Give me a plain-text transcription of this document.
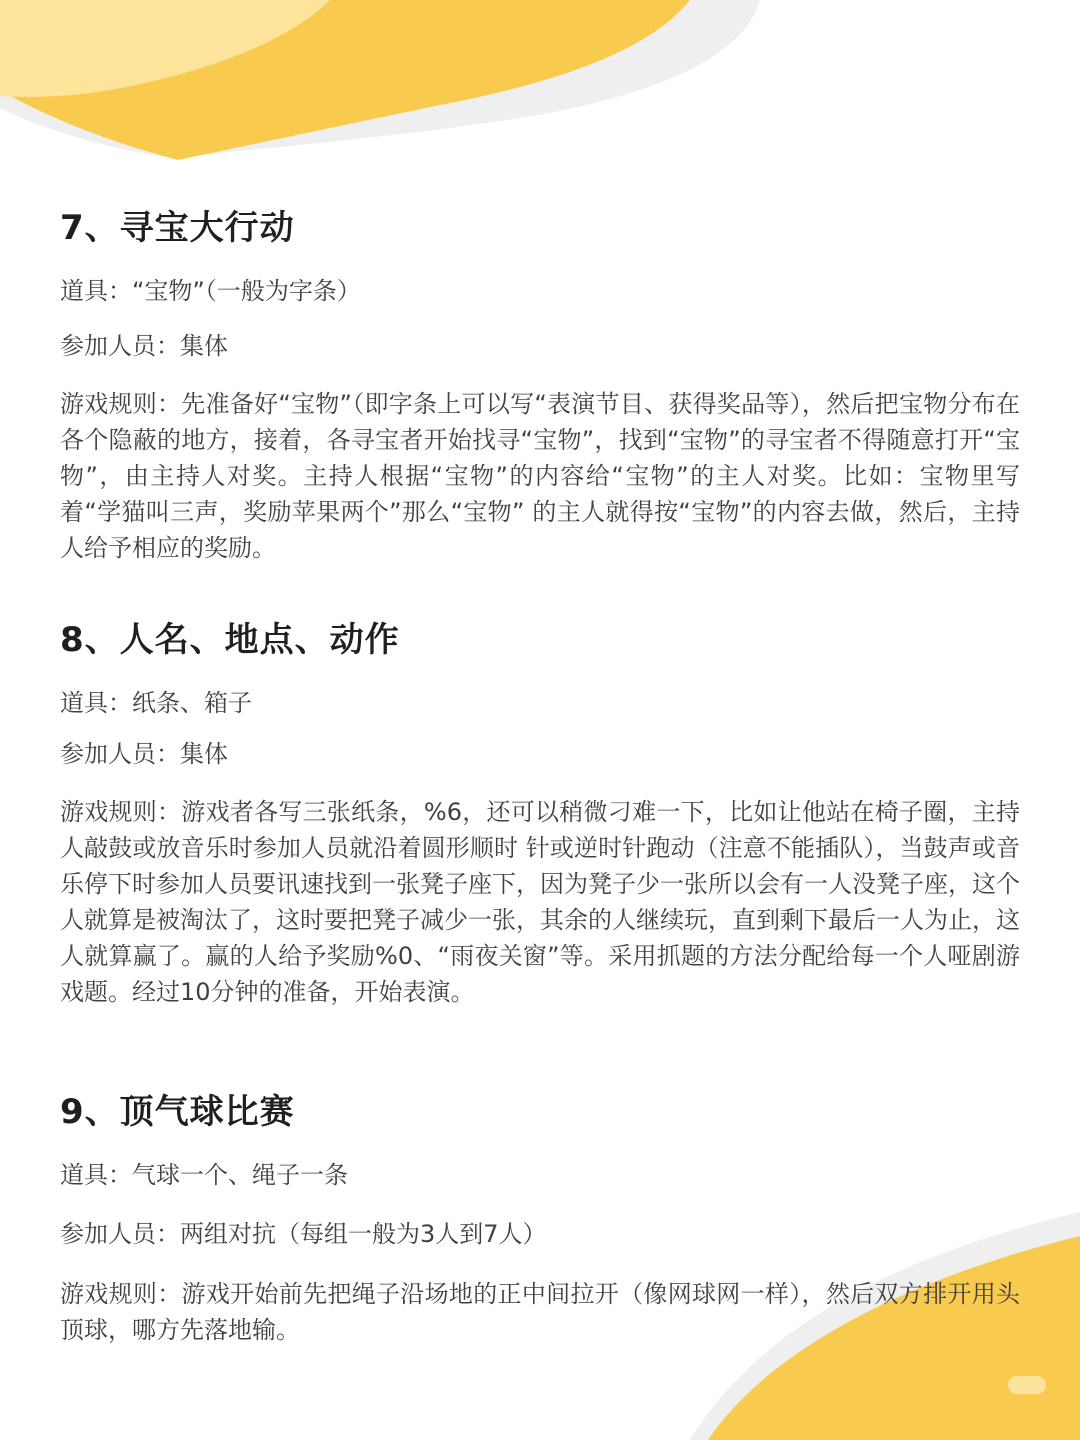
7、寻宝大行动

道具：“宝物”（一般为字条）

参加人员：集体

游戏规则：先准备好“宝物”（即字条上可以写“表演节目、获得奖品等），然后把宝物分布在各个隐蔽的地方，接着，各寻宝者开始找寻“宝物”，找到“宝物”的寻宝者不得随意打开“宝物”，由主持人对奖。主持人根据“宝物”的内容给“宝物”的主人对奖。比如：宝物里写着“学猫叫三声，奖励苹果两个”那么“宝物” 的主人就得按“宝物”的内容去做，然后，主持人给予相应的奖励。

8、人名、地点、动作

道具：纸条、箱子

参加人员：集体

游戏规则：游戏者各写三张纸条，%6，还可以稍微刁难一下，比如让他站在椅子圈，主持人敲鼓或放音乐时参加人员就沿着圆形顺时 针或逆时针跑动（注意不能插队），当鼓声或音乐停下时参加人员要讯速找到一张凳子座下，因为凳子少一张所以会有一人没凳子座，这个人就算是被淘汰了，这时要把凳子减少一张，其余的人继续玩，直到剩下最后一人为止，这人就算赢了。赢的人给予奖励%0、“雨夜关窗”等。采用抓题的方法分配给每一个人哑剧游戏题。经过10分钟的准备，开始表演。

9、顶气球比赛

道具：气球一个、绳子一条

参加人员：两组对抗（每组一般为3人到7人）

游戏规则：游戏开始前先把绳子沿场地的正中间拉开（像网球网一样），然后双方排开用头顶球，哪方先落地输。
